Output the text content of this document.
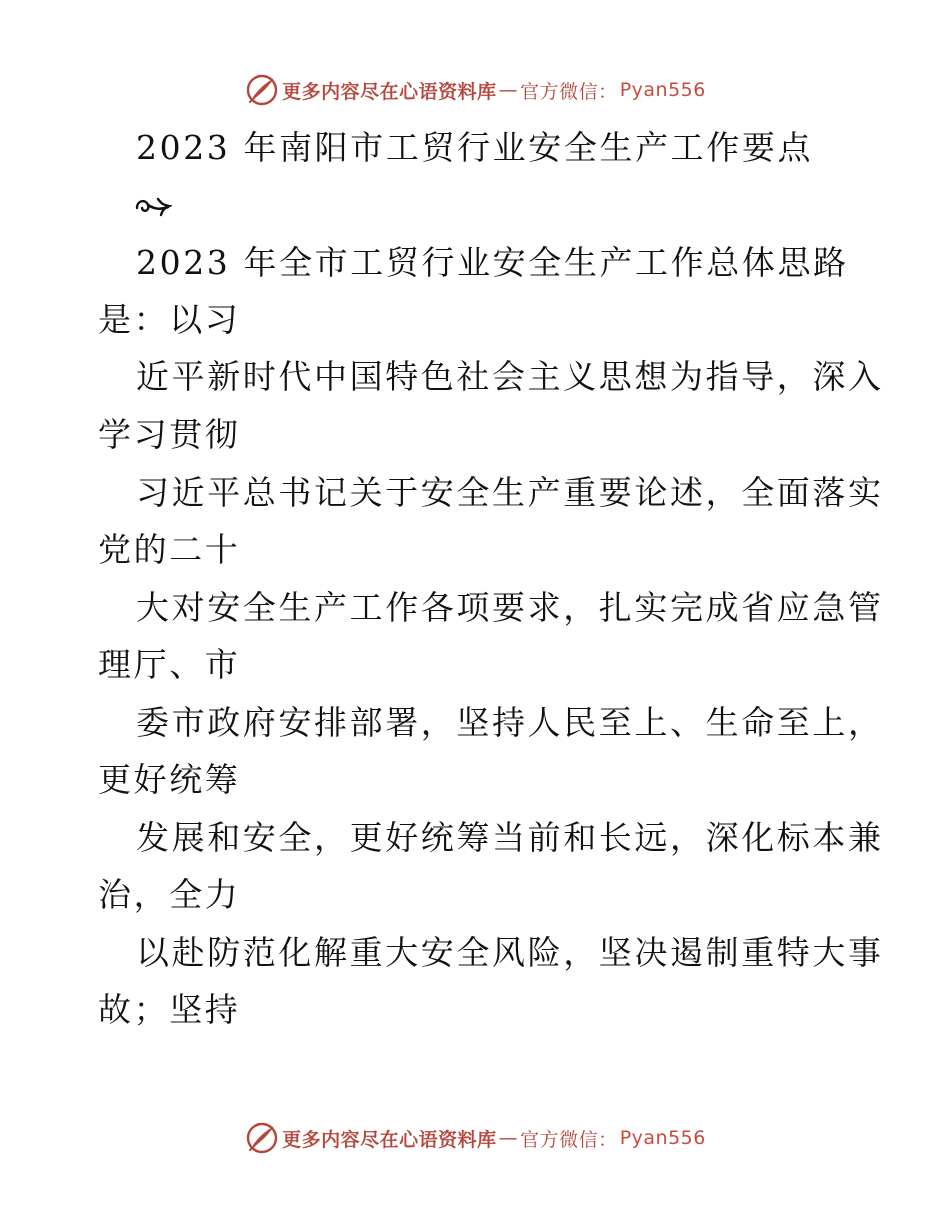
更多内容尽在心语资料库 — 官方微信： Pyan556
2023 年南阳市工贸行业安全生产工作要点
2023 年全市工贸行业安全生产工作总体思路
是：以习
近平新时代中国特色社会主义思想为指导，深入
学习贯彻
习近平总书记关于安全生产重要论述，全面落实
党的二十
大对安全生产工作各项要求，扎实完成省应急管
理厅、市
委市政府安排部署，坚持人民至上、生命至上，
更好统筹
发展和安全，更好统筹当前和长远，深化标本兼
治，全力
以赴防范化解重大安全风险，坚决遏制重特大事
故；坚持
更多内容尽在心语资料库 — 官方微信： Pyan556
